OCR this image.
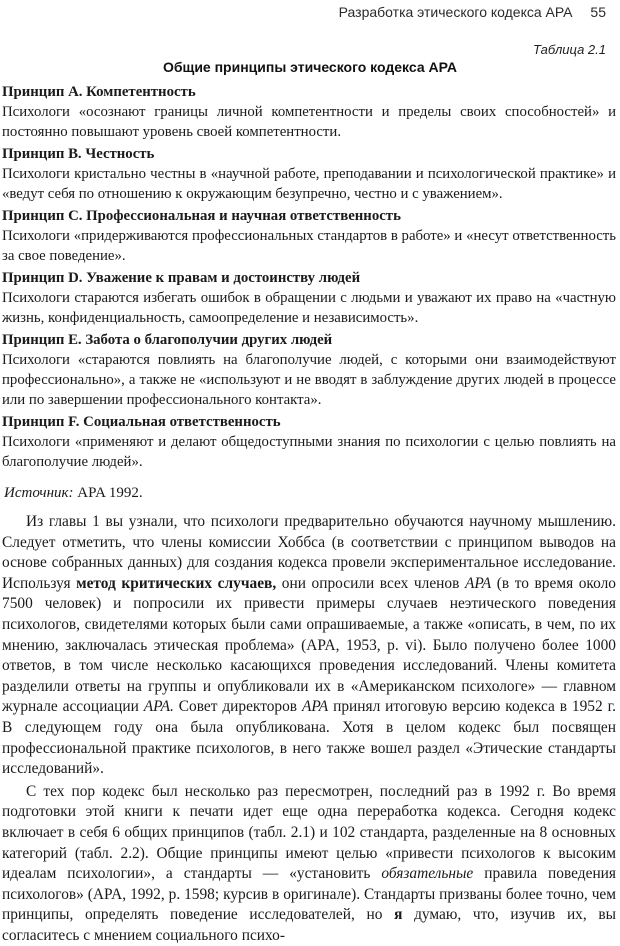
Разработка этического кодекса APA 55
Таблица 2.1
Общие принципы этического кодекса APA

Принцип А. Компетентность

Психологи «осознают границы личной компетентности и пределы своих способностей» и постоянно повышают уровень своей компетентности.

Принцип В. Честность

Психологи кристально честны в «научной работе, преподавании и психологической практике» и «ведут себя по отношению к окружающим безупречно, честно и с уважением».

Принцип С. Профессиональная и научная ответственность

Психологи «придерживаются профессиональных стандартов в работе» и «несут ответственность за свое поведение».

Принцип D. Уважение к правам и достоинству людей

Психологи стараются избегать ошибок в обращении с людьми и уважают их право на «частную жизнь, конфиденциальность, самоопределение и независимость».

Принцип Е. Забота о благополучии других людей

Психологи «стараются повлиять на благополучие людей, с которыми они взаимодействуют профессионально», а также не «используют и не вводят в заблуждение других людей в процессе или по завершении профессионального контакта».

Принцип F. Социальная ответственность

Психологи «применяют и делают общедоступными знания по психологии с целью повлиять на благополучие людей».

Источник: APA 1992.

Из главы 1 вы узнали, что психологи предварительно обучаются научному мышлению. Следует отметить, что члены комиссии Хоббса (в соответствии с принципом выводов на основе собранных данных) для создания кодекса провели экспериментальное исследование. Используя метод критических случаев, они опросили всех членов APA (в то время около 7500 человек) и попросили их привести примеры случаев неэтического поведения психологов, свидетелями которых были сами опрашиваемые, а также «описать, в чем, по их мнению, заключалась этическая проблема» (APA, 1953, p. vi). Было получено более 1000 ответов, в том числе несколько касающихся проведения исследований. Члены комитета разделили ответы на группы и опубликовали их в «Американском психологе» — главном журнале ассоциации APA. Совет директоров APA принял итоговую версию кодекса в 1952 г. В следующем году она была опубликована. Хотя в целом кодекс был посвящен профессиональной практике психологов, в него также вошел раздел «Этические стандарты исследований».

С тех пор кодекс был несколько раз пересмотрен, последний раз в 1992 г. Во время подготовки этой книги к печати идет еще одна переработка кодекса. Сегодня кодекс включает в себя 6 общих принципов (табл. 2.1) и 102 стандарта, разделенные на 8 основных категорий (табл. 2.2). Общие принципы имеют целью «привести психологов к высоким идеалам психологии», а стандарты — «установить обязательные правила поведения психологов» (APA, 1992, p. 1598; курсив в оригинале). Стандарты призваны более точно, чем принципы, определять поведение исследователей, но я думаю, что, изучив их, вы согласитесь с мнением социального психо-
